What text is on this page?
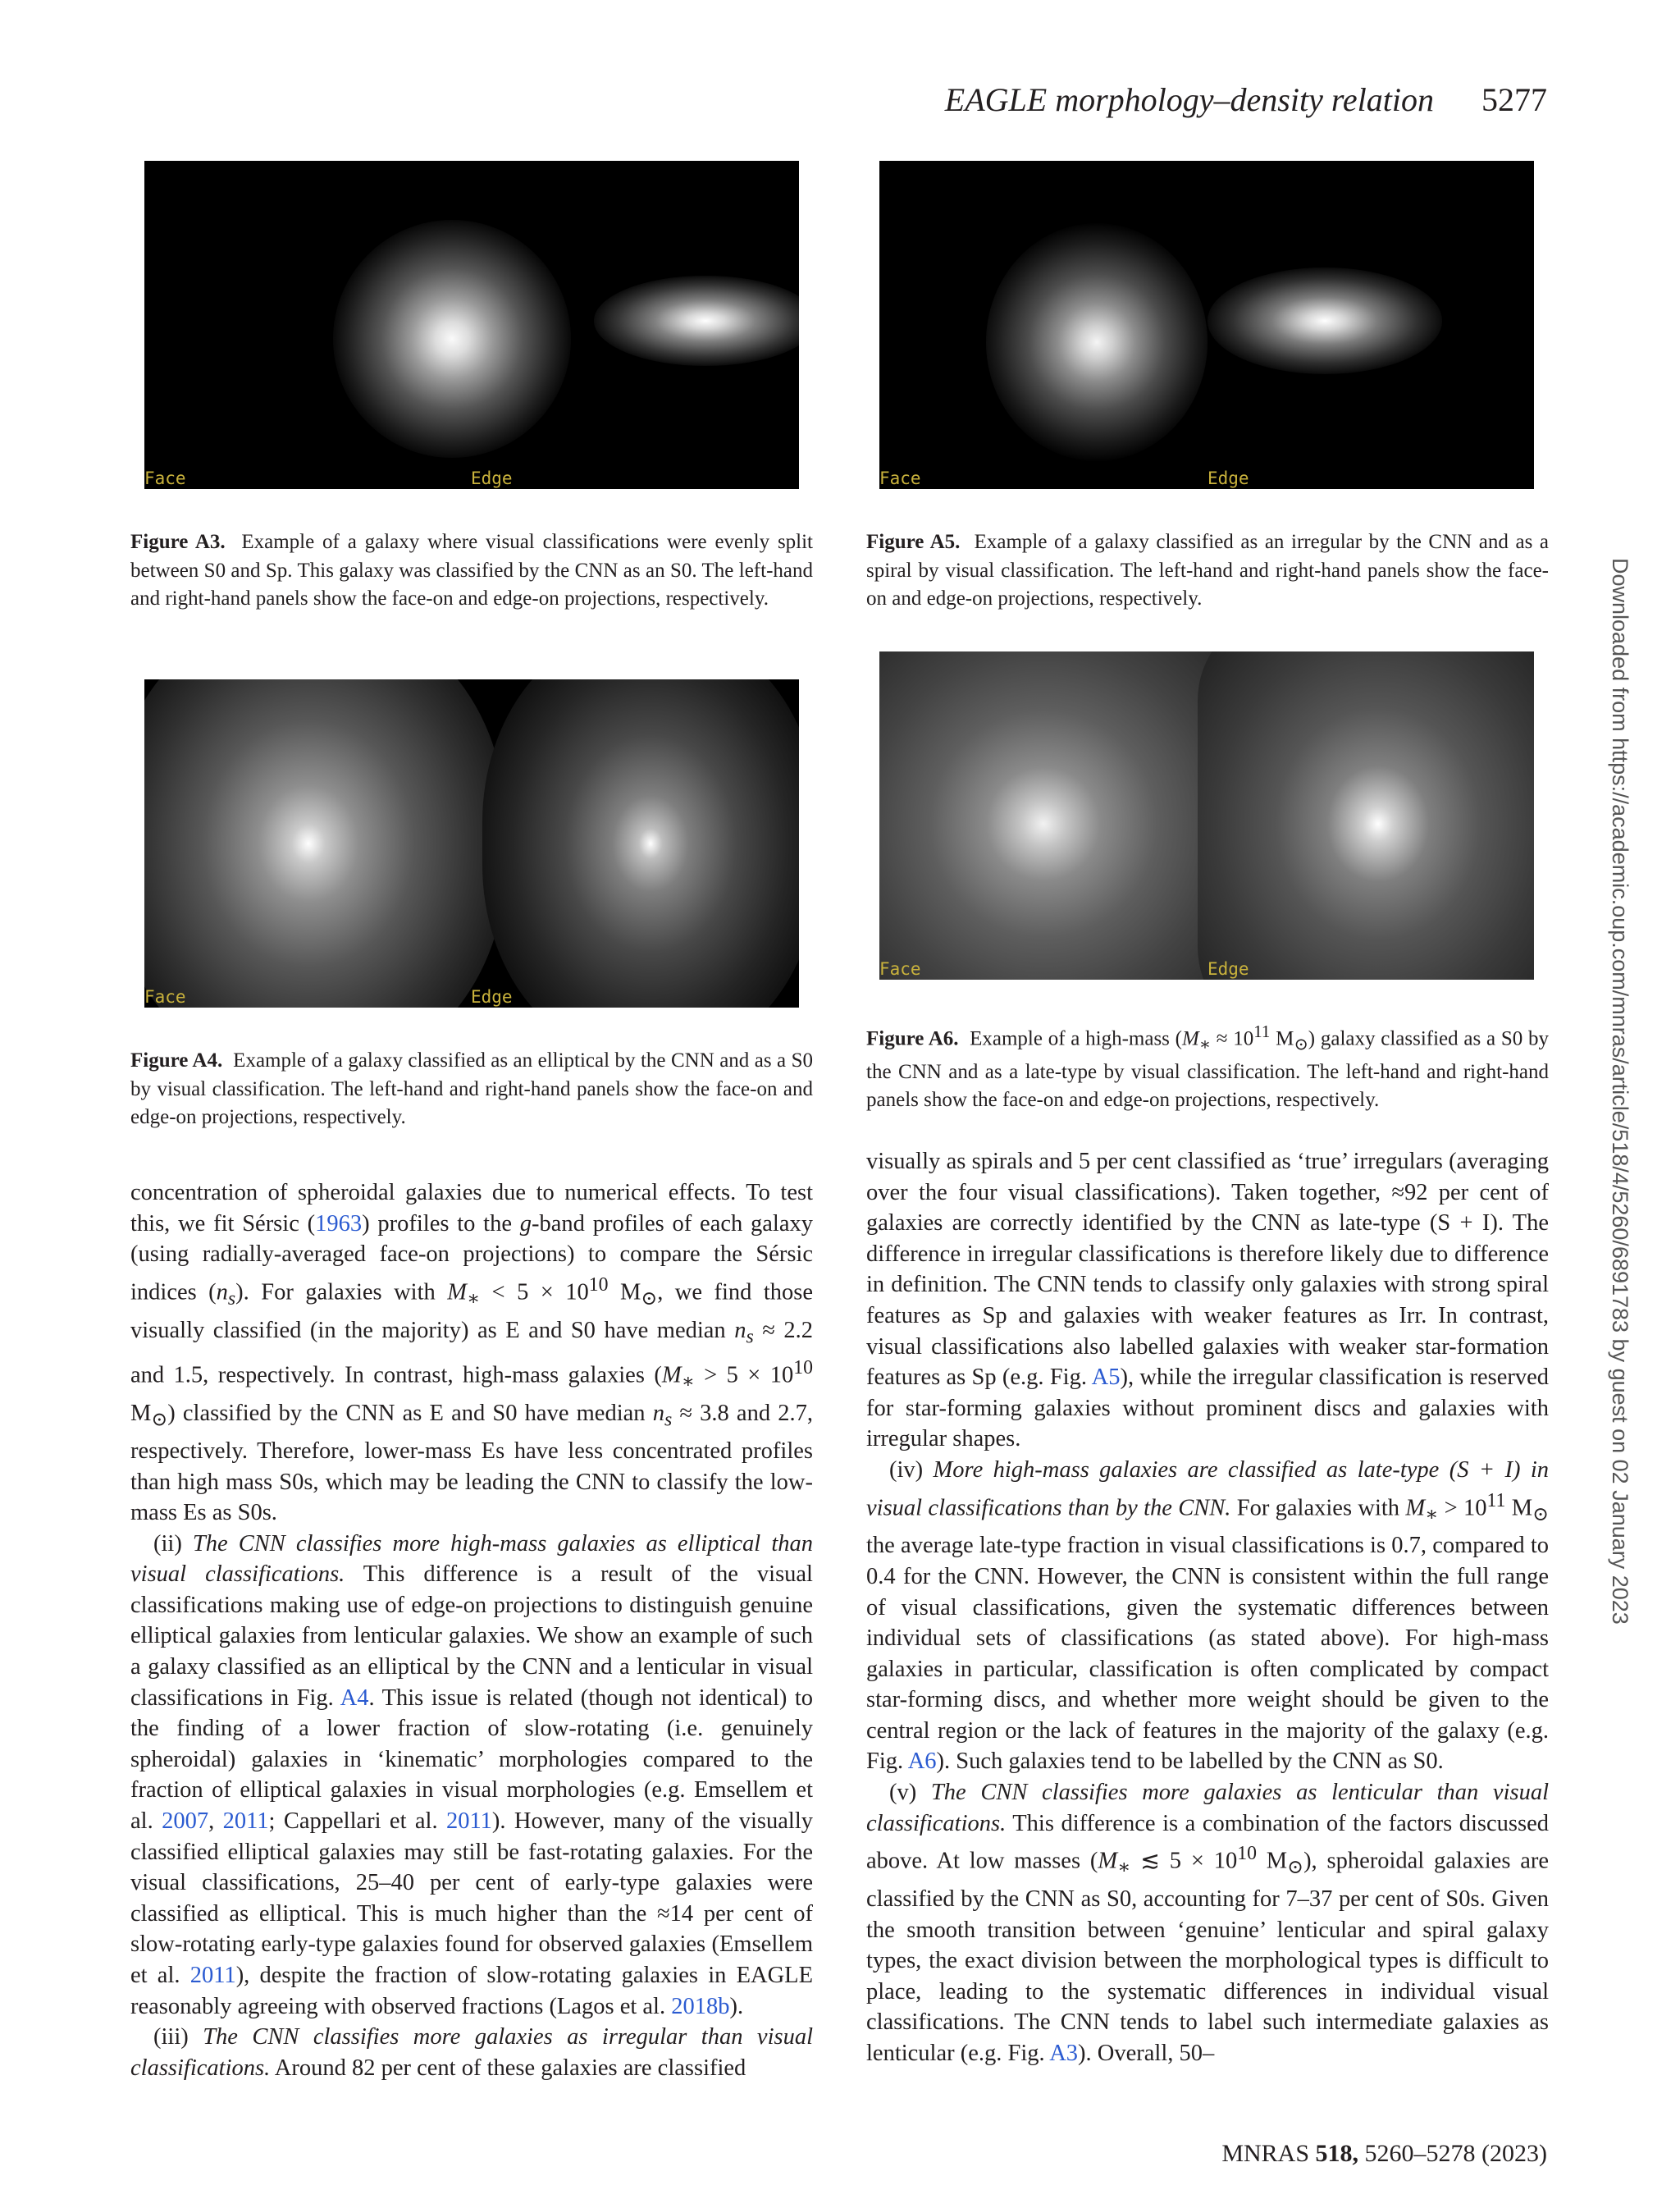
EAGLE morphology–density relation 5277
Face	Edge	Face	Edge
Figure A3. Example of a galaxy where visual classifications were evenly split between S0 and Sp. This galaxy was classified by the CNN as an S0. The left-hand and right-hand panels show the face-on and edge-on projections, respectively.
Figure A5. Example of a galaxy classified as an irregular by the CNN and as a spiral by visual classification. The left-hand and right-hand panels show the face-on and edge-on projections, respectively.
Face	Edge
Face	Edge
Figure A6. Example of a high-mass ($M_∗ \approx 10^{11}$ $M_⊙$) galaxy classified as a S0 by the CNN and as a late-type by visual classification. The left-hand and right-hand panels show the face-on and edge-on projections, respectively.
Figure A4. Example of a galaxy classified as an elliptical by the CNN and as a S0 by visual classification. The left-hand and right-hand panels show the face-on and edge-on projections, respectively.

concentration of spheroidal galaxies due to numerical effects. To test this, we fit Sérsic (1963) profiles to the g-band profiles of each galaxy (using radially-averaged face-on projections) to compare the Sérsic indices $(n_s)$. For galaxies with $M_∗ < 5 \times 10^{10}$ $M_⊙$, we find those visually classified (in the majority) as E and S0 have median $n_s \approx 2.2$ and 1.5, respectively. In contrast, high-mass galaxies ($M_∗ > 5 \times 10^{10}$ $M_⊙$) classified by the CNN as E and S0 have median $n_s \approx 3.8$ and 2.7, respectively. Therefore, lower-mass Es have less concentrated profiles than high mass S0s, which may be leading the CNN to classify the low-mass Es as S0s.

(ii) The CNN classifies more high-mass galaxies as elliptical than visual classifications. This difference is a result of the visual classifications making use of edge-on projections to distinguish genuine elliptical galaxies from lenticular galaxies. We show an example of such a galaxy classified as an elliptical by the CNN and a lenticular in visual classifications in Fig. A4. This issue is related (though not identical) to the finding of a lower fraction of slow-rotating (i.e. genuinely spheroidal) galaxies in ‘kinematic’ morphologies compared to the fraction of elliptical galaxies in visual morphologies (e.g. Emsellem et al. 2007, 2011; Cappellari et al. 2011). However, many of the visually classified elliptical galaxies may still be fast-rotating galaxies. For the visual classifications, 25–40 per cent of early-type galaxies were classified as elliptical. This is much higher than the ≈14 per cent of slow-rotating early-type galaxies found for observed galaxies (Emsellem et al. 2011), despite the fraction of slow-rotating galaxies in EAGLE reasonably agreeing with observed fractions (Lagos et al. 2018b).

(iii) The CNN classifies more galaxies as irregular than visual classifications. Around 82 per cent of these galaxies are classified

visually as spirals and 5 per cent classified as ‘true’ irregulars (averaging over the four visual classifications). Taken together, ≈92 per cent of galaxies are correctly identified by the CNN as late-type (S + I). The difference in irregular classifications is therefore likely due to difference in definition. The CNN tends to classify only galaxies with strong spiral features as Sp and galaxies with weaker features as Irr. In contrast, visual classifications also labelled galaxies with weaker star-formation features as Sp (e.g. Fig. A5), while the irregular classification is reserved for star-forming galaxies without prominent discs and galaxies with irregular shapes.

(iv) More high-mass galaxies are classified as late-type (S + I) in visual classifications than by the CNN. For galaxies with $M_∗ > 10^{11}$ $M_⊙$ the average late-type fraction in visual classifications is 0.7, compared to 0.4 for the CNN. However, the CNN is consistent within the full range of visual classifications, given the systematic differences between individual sets of classifications (as stated above). For high-mass galaxies in particular, classification is often complicated by compact star-forming discs, and whether more weight should be given to the central region or the lack of features in the majority of the galaxy (e.g. Fig. A6). Such galaxies tend to be labelled by the CNN as S0.

(v) The CNN classifies more galaxies as lenticular than visual classifications. This difference is a combination of the factors discussed above. At low masses ($M_∗$ ≲ $5 \times 10^{10}$ $M_⊙$), spheroidal galaxies are classified by the CNN as S0, accounting for 7–37 per cent of S0s. Given the smooth transition between ‘genuine’ lenticular and spiral galaxy types, the exact division between the morphological types is difficult to place, leading to the systematic differences in individual visual classifications. The CNN tends to label such intermediate galaxies as lenticular (e.g. Fig. A3). Overall, 50–

Downloaded from https://academic.oup.com/mnras/article/518/4/5260/6891783 by guest on 02 January 2023
MNRAS 518, 5260–5278 (2023)
